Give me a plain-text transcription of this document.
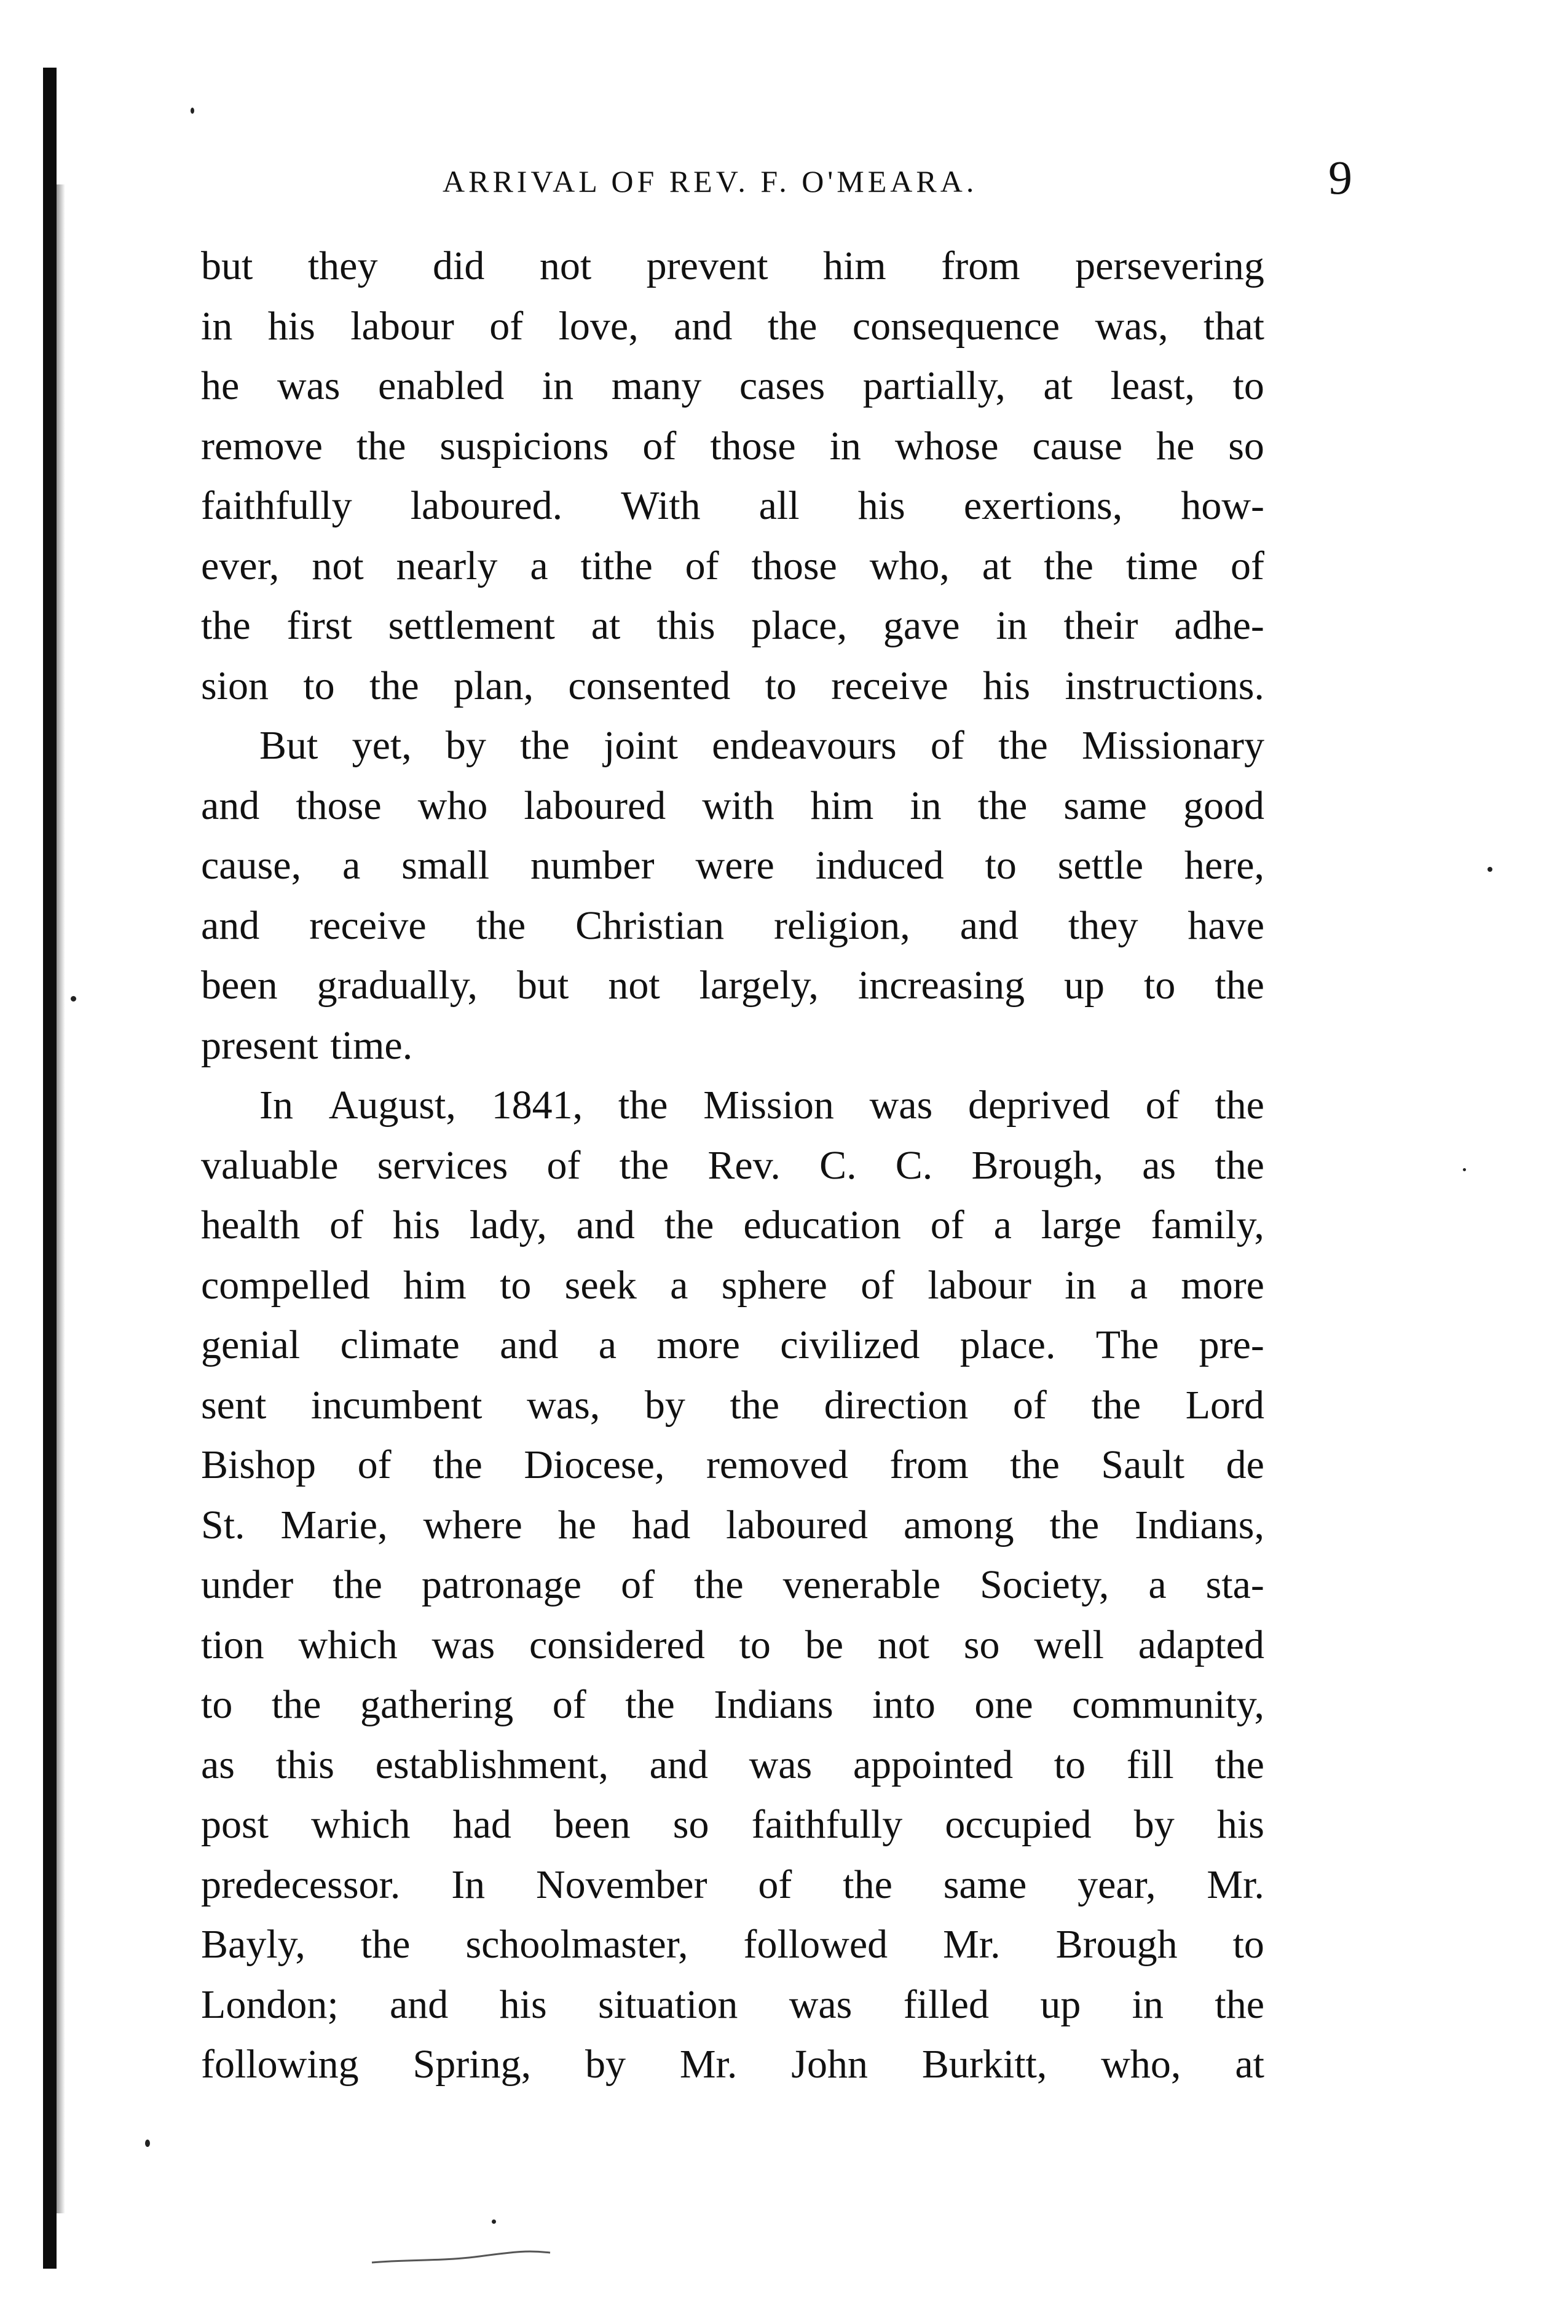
ARRIVAL OF REV. F. O'MEARA.	9
but they did not prevent him from persevering
in his labour of love, and the consequence was, that
he was enabled in many cases partially, at least, to
remove the suspicions of those in whose cause he so
faithfully laboured. With all his exertions, how-
ever, not nearly a tithe of those who, at the time of
the first settlement at this place, gave in their adhe-
sion to the plan, consented to receive his instructions.
But yet, by the joint endeavours of the Missionary
and those who laboured with him in the same good
cause, a small number were induced to settle here,
and receive the Christian religion, and they have
been gradually, but not largely, increasing up to the
present time.
In August, 1841, the Mission was deprived of the
valuable services of the Rev. C. C. Brough, as the
health of his lady, and the education of a large family,
compelled him to seek a sphere of labour in a more
genial climate and a more civilized place. The pre-
sent incumbent was, by the direction of the Lord
Bishop of the Diocese, removed from the Sault de
St. Marie, where he had laboured among the Indians,
under the patronage of the venerable Society, a sta-
tion which was considered to be not so well adapted
to the gathering of the Indians into one community,
as this establishment, and was appointed to fill the
post which had been so faithfully occupied by his
predecessor. In November of the same year, Mr.
Bayly, the schoolmaster, followed Mr. Brough to
London; and his situation was filled up in the
following Spring, by Mr. John Burkitt, who, at
